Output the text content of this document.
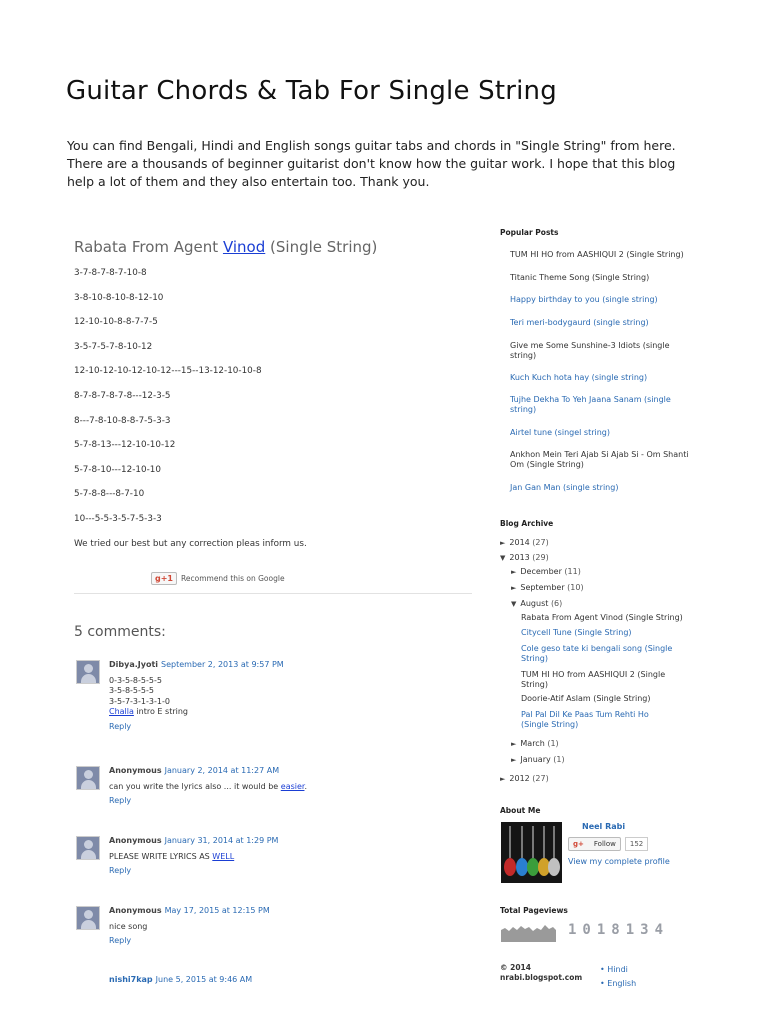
Guitar Chords & Tab For Single String
You can find Bengali, Hindi and English songs guitar tabs and chords in "Single String" from here. There are a thousands of beginner guitarist don't know how the guitar work. I hope that this blog help a lot of them and they also entertain too. Thank you.
Rabata From Agent Vinod (Single String)

3-7-8-7-8-7-10-8

3-8-10-8-10-8-12-10

12-10-10-8-8-7-7-5

3-5-7-5-7-8-10-12

12-10-12-10-12-10-12---15--13-12-10-10-8

8-7-8-7-8-7-8---12-3-5

8---7-8-10-8-8-7-5-3-3

5-7-8-13---12-10-10-12

5-7-8-10---12-10-10

5-7-8-8---8-7-10

10---5-5-3-5-7-5-3-3

We tried our best but any correction pleas inform us.

g+1	Recommend this on Google
5 comments:
Dibya.Jyoti September 2, 2013 at 9:57 PM

0-3-5-8-5-5-5

3-5-8-5-5-5

3-5-7-3-1-3-1-0

Challa intro E string

Reply
Anonymous January 2, 2014 at 11:27 AM

can you write the lyrics also ... it would be easier.

Reply
Anonymous January 31, 2014 at 1:29 PM

PLEASE WRITE LYRICS AS WELL

Reply
Anonymous May 17, 2015 at 12:15 PM

nice song

Reply
nishi7kap June 5, 2015 at 9:46 AM
Popular Posts
TUM HI HO from AASHIQUI 2 (Single String)
Titanic Theme Song (Single String)
Happy birthday to you (single string)
Teri meri-bodygaurd (single string)
Give me Some Sunshine-3 Idiots (single string)
Kuch Kuch hota hay (single string)
Tujhe Dekha To Yeh Jaana Sanam (single string)
Airtel tune (singel string)
Ankhon Mein Teri Ajab Si Ajab Si - Om Shanti Om (Single String)
Jan Gan Man (single string)
Blog Archive
► 2014 (27)
▼ 2013 (29)
► December (11)
► September (10)
▼ August (6)
Rabata From Agent Vinod (Single String)
Citycell Tune (Single String)
Cole geso tate ki bengali song (Single String)
TUM HI HO from AASHIQUI 2 (Single String)
Doorie-Atif Aslam (Single String)
Pal Pal Dil Ke Paas Tum Rehti Ho (Single String)
► March (1)
► January (1)
► 2012 (27)
About Me
Neel Rabi
g+ Follow	152
View my complete profile
Total Pageviews
1018134
© 2014
nrabi.blogspot.com
• Hindi
• English
